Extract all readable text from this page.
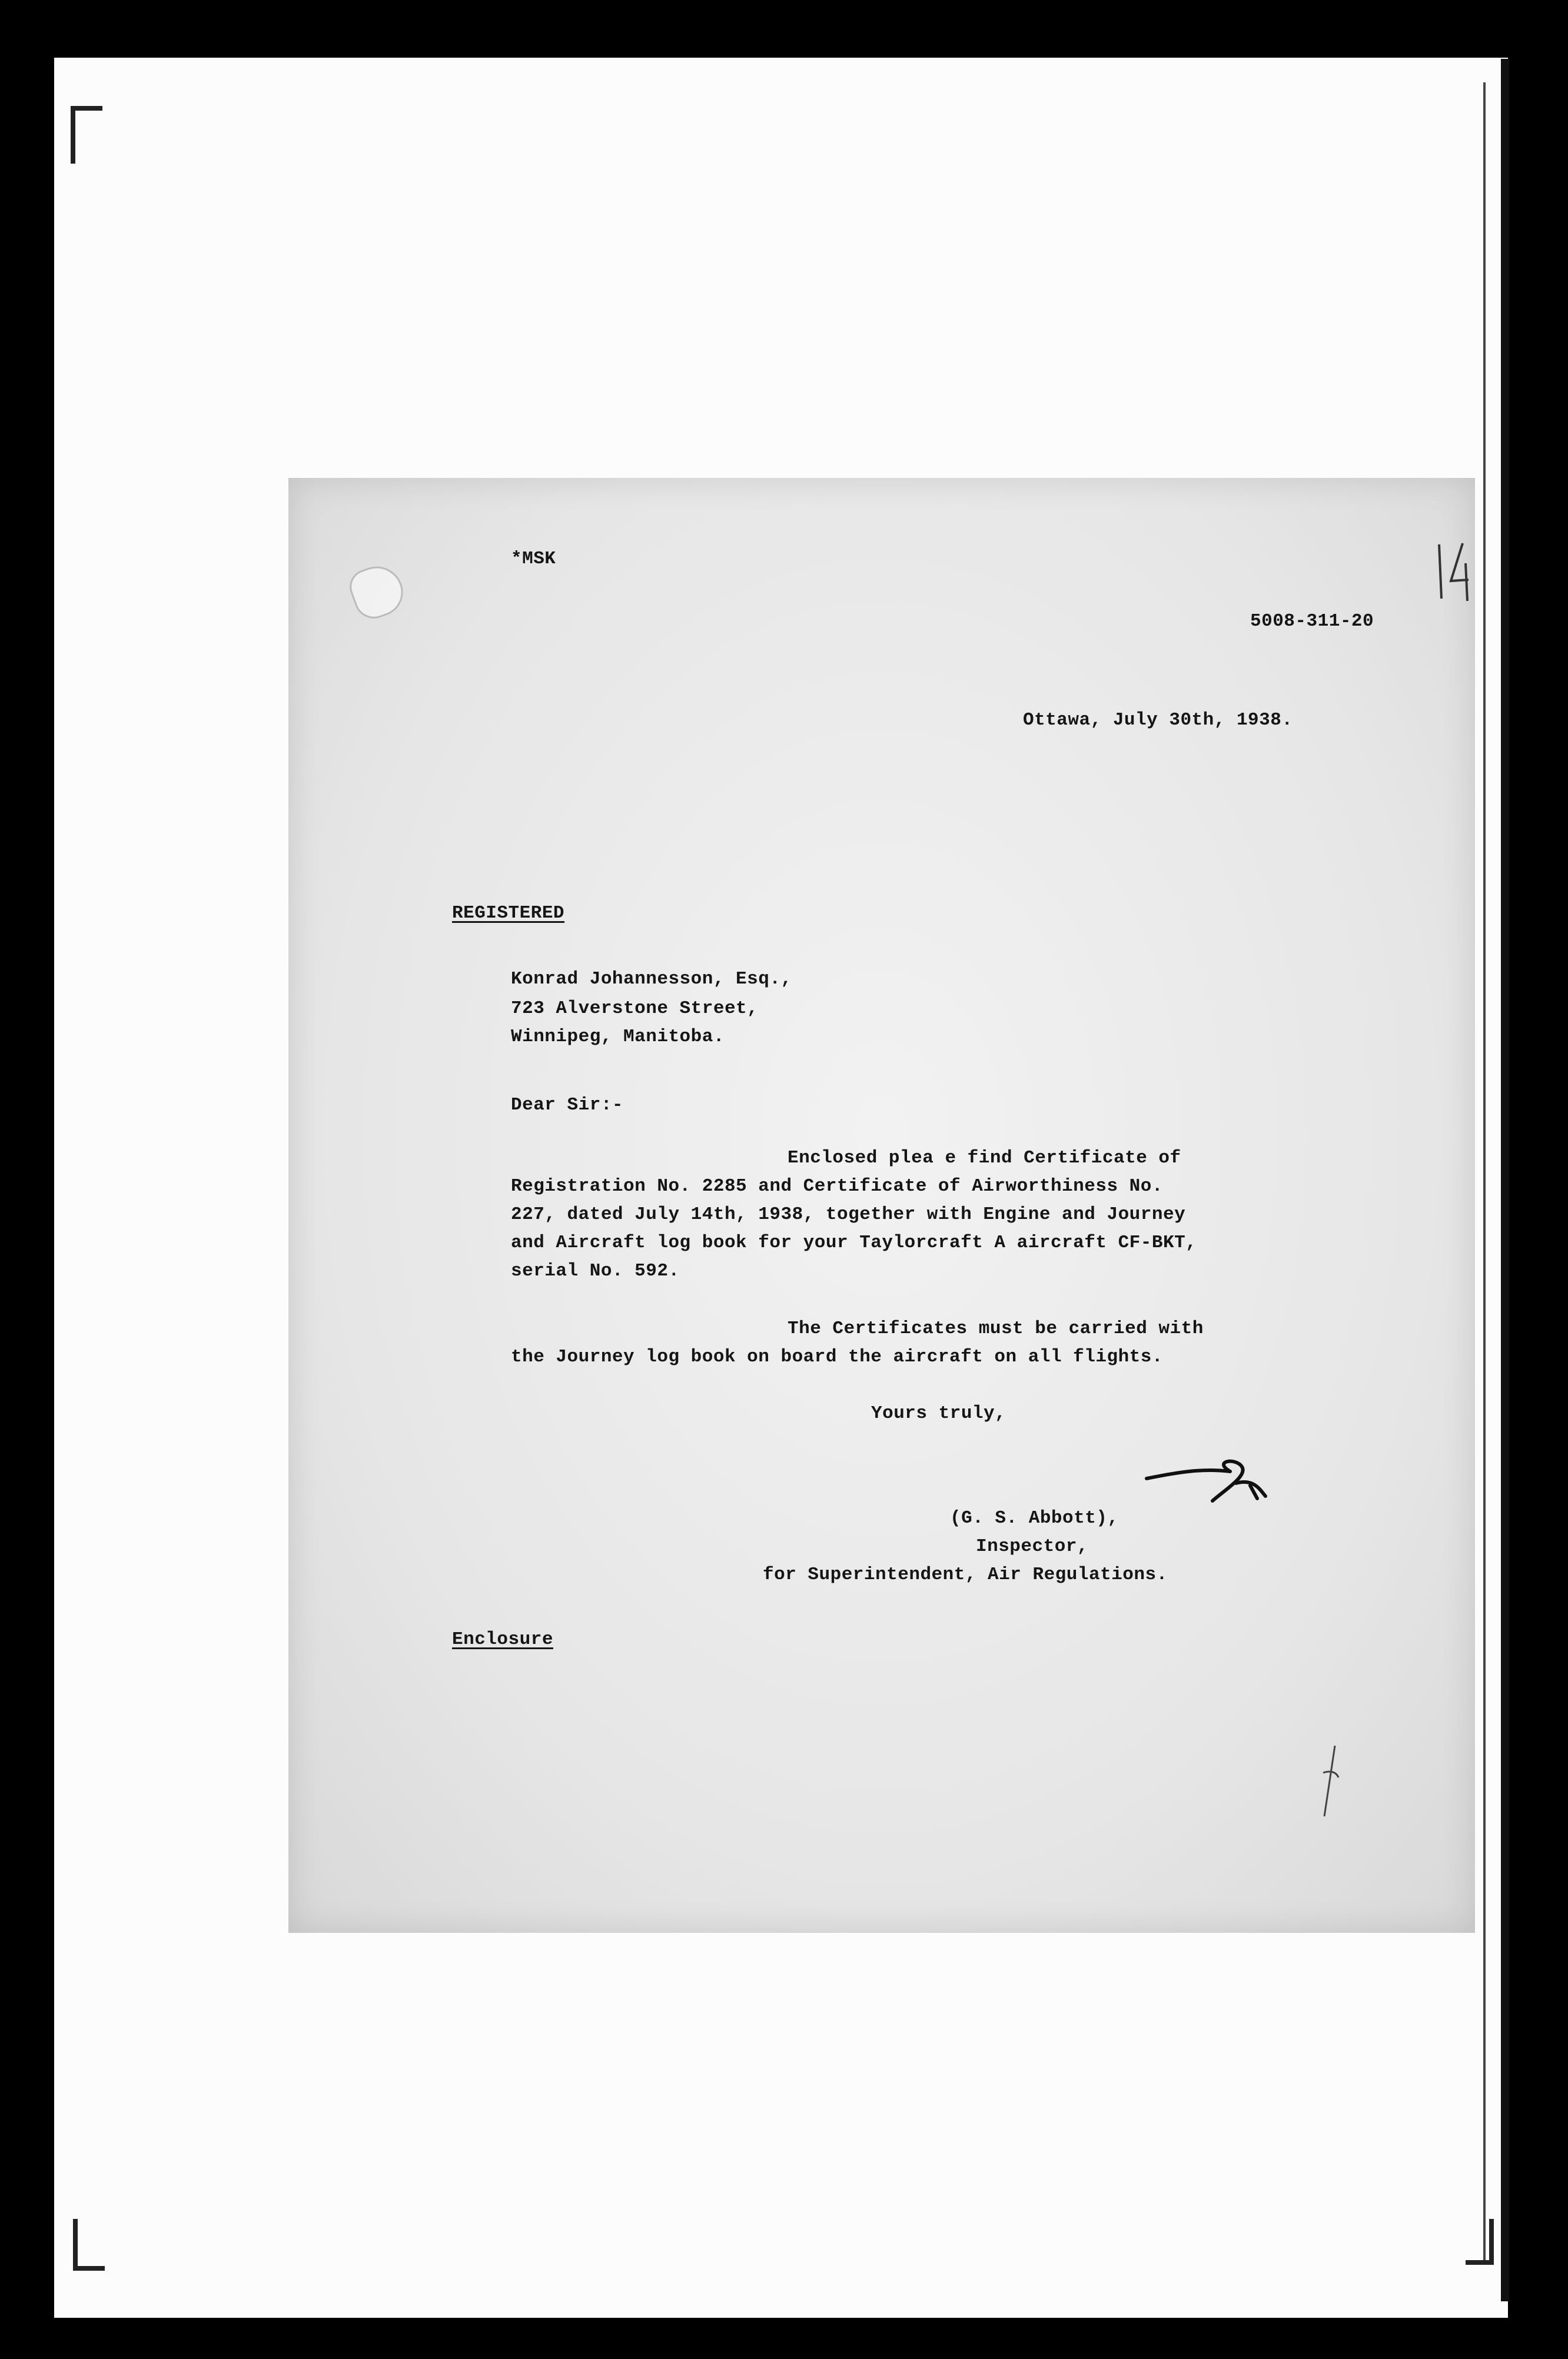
*MSK
5008-311-20
Ottawa, July 30th, 1938.
REGISTERED
Konrad Johannesson, Esq.,
723 Alverstone Street,
Winnipeg, Manitoba.
Dear Sir:-
Enclosed plea e find Certificate of
Registration No. 2285 and Certificate of Airworthiness No.
227, dated July 14th, 1938, together with Engine and Journey
and Aircraft log book for your Taylorcraft A aircraft CF-BKT,
serial No. 592.
The Certificates must be carried with
the Journey log book on board the aircraft on all flights.
Yours truly,
(G. S. Abbott),
Inspector,
for Superintendent, Air Regulations.
Enclosure
